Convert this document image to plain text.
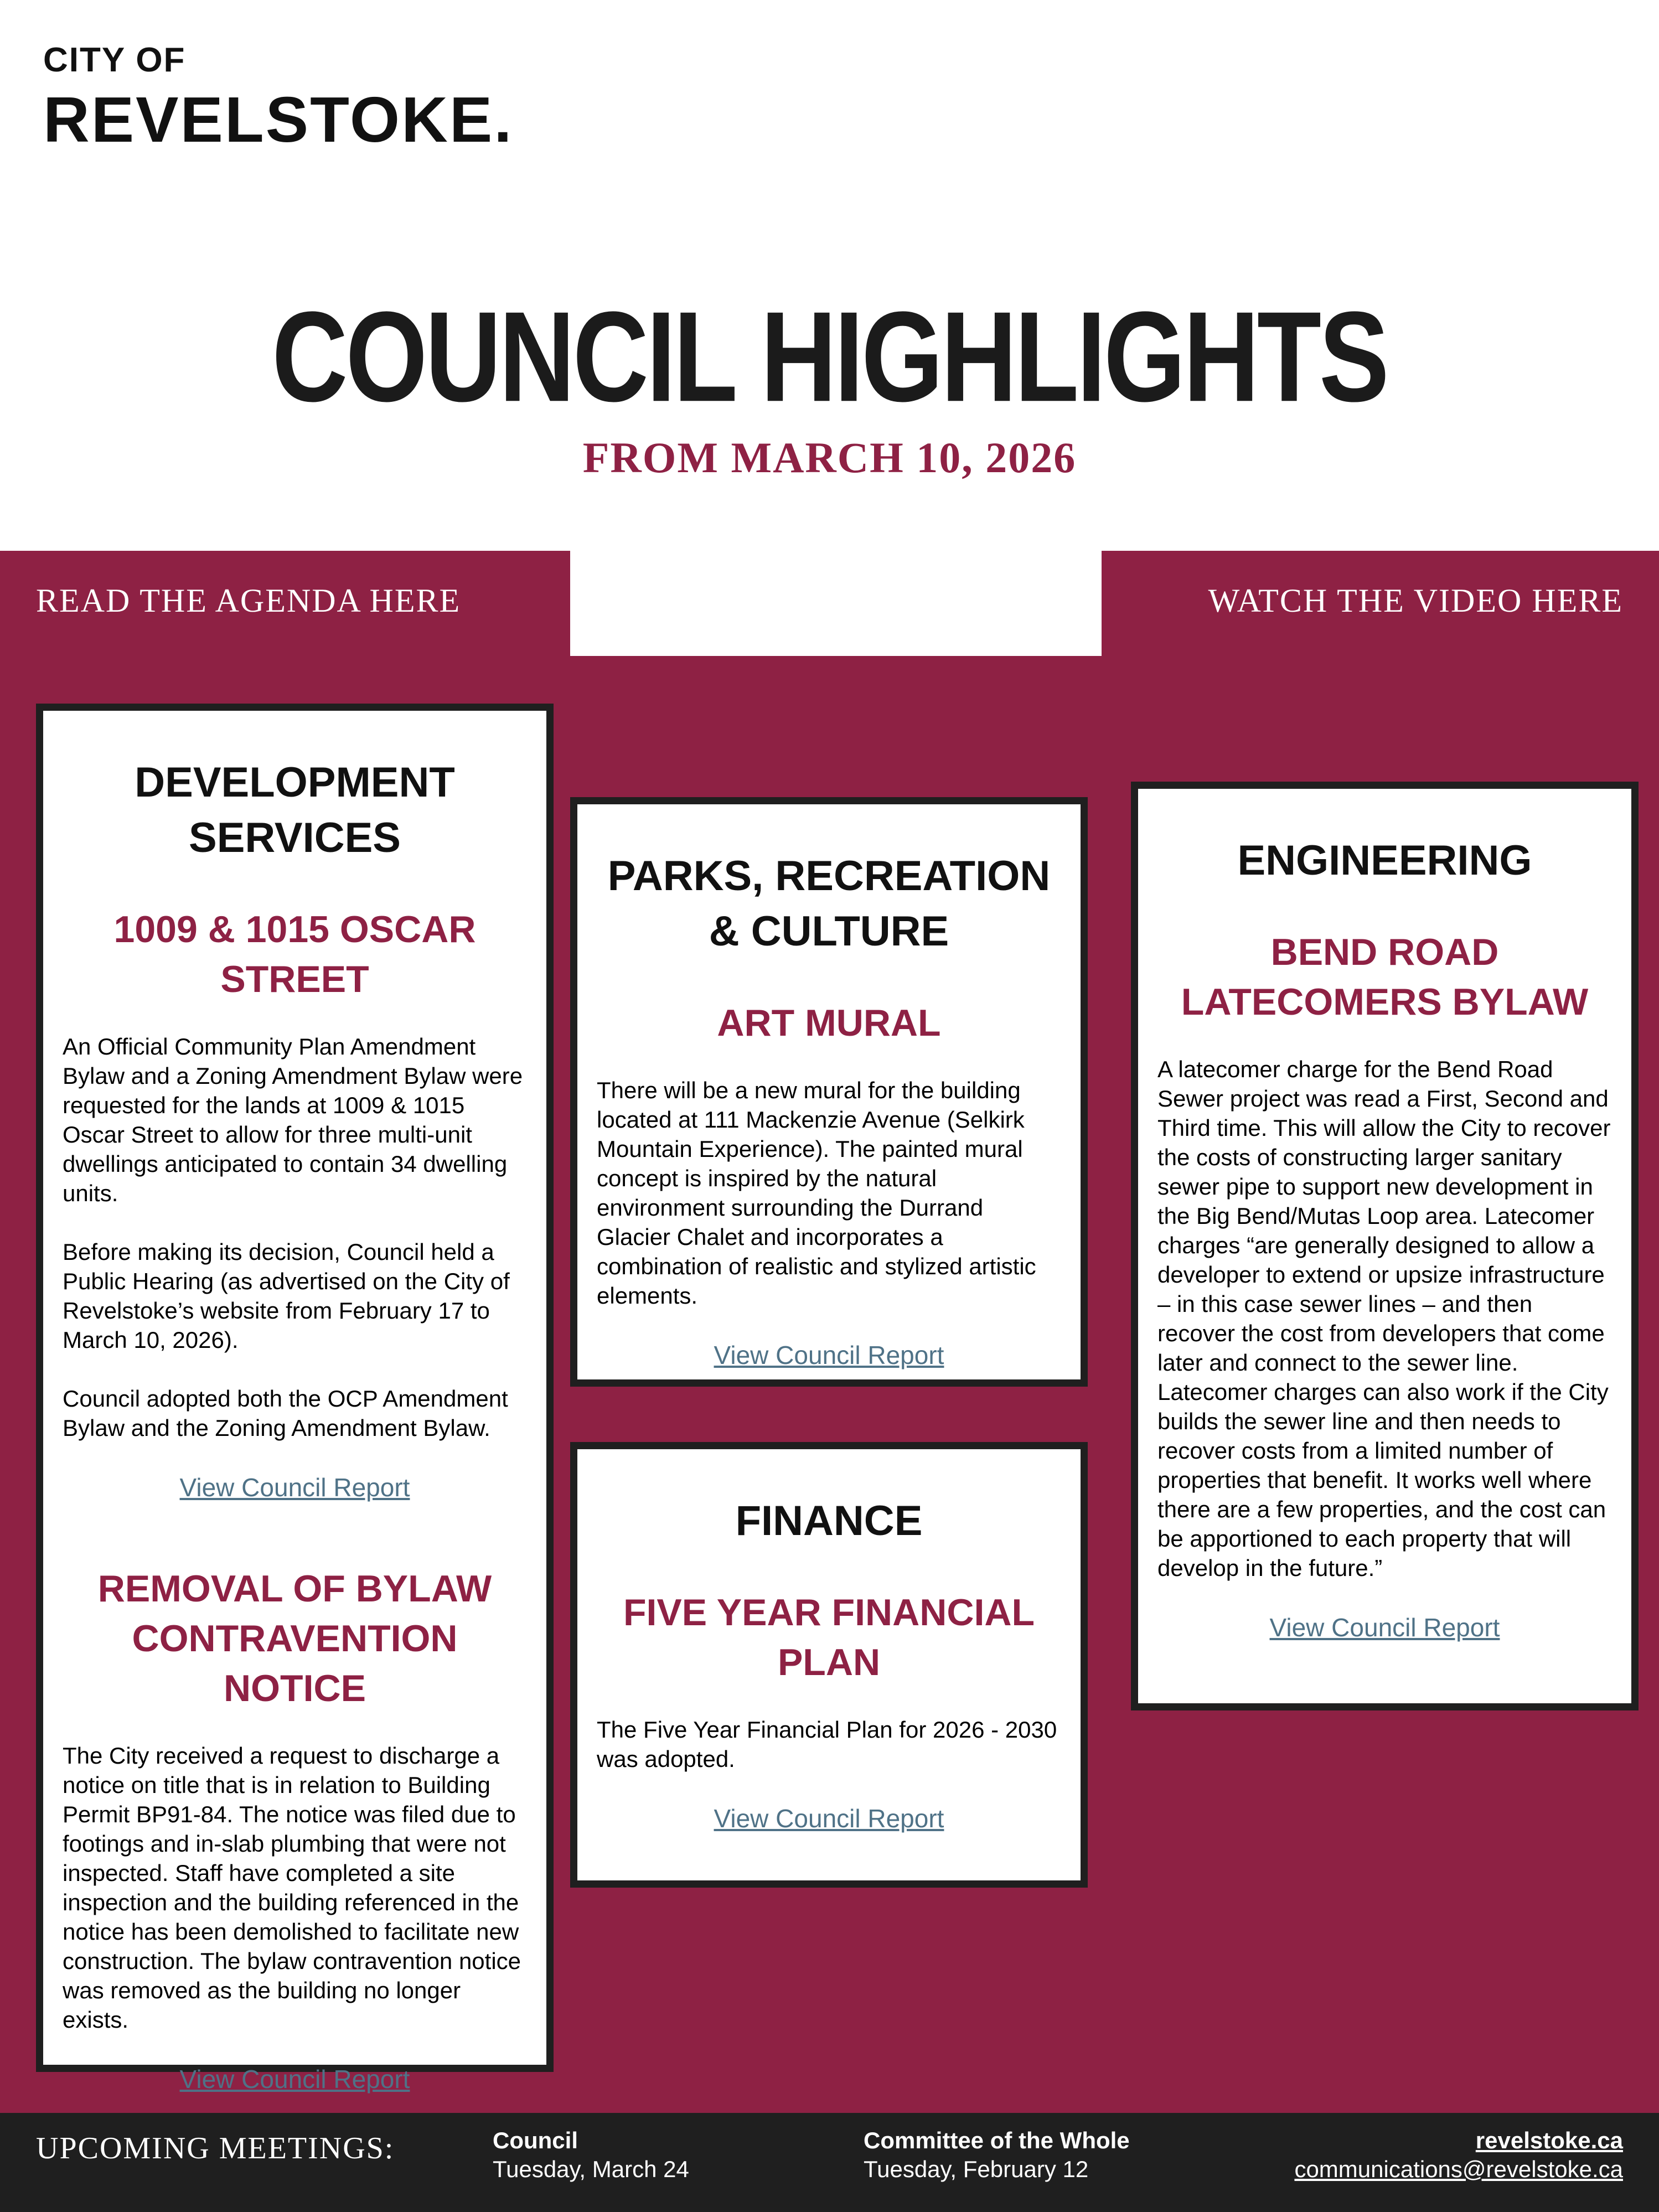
CITY OF
REVELSTOKE.
COUNCIL HIGHLIGHTS
FROM MARCH 10, 2026
READ THE AGENDA HERE	WATCH THE VIDEO HERE
DEVELOPMENT SERVICES
1009 & 1015 OSCAR STREET

An Official Community Plan Amendment Bylaw and a Zoning Amendment Bylaw were requested for the lands at 1009 & 1015 Oscar Street to allow for three multi-unit dwellings anticipated to contain 34 dwelling units.

Before making its decision, Council held a Public Hearing (as advertised on the City of Revelstoke’s website from February 17 to March 10, 2026).

Council adopted both the OCP Amendment Bylaw and the Zoning Amendment Bylaw.

View Council Report
REMOVAL OF BYLAW CONTRAVENTION NOTICE

The City received a request to discharge a notice on title that is in relation to Building Permit BP91-84. The notice was filed due to footings and in-slab plumbing that were not inspected. Staff have completed a site inspection and the building referenced in the notice has been demolished to facilitate new construction. The bylaw contravention notice was removed as the building no longer exists.

View Council Report
PARKS, RECREATION & CULTURE
ART MURAL

There will be a new mural for the building located at 111 Mackenzie Avenue (Selkirk Mountain Experience). The painted mural concept is inspired by the natural environment surrounding the Durrand Glacier Chalet and incorporates a combination of realistic and stylized artistic elements.

View Council Report
FINANCE
FIVE YEAR FINANCIAL PLAN

The Five Year Financial Plan for 2026 - 2030 was adopted.

View Council Report
ENGINEERING
BEND ROAD LATECOMERS BYLAW

A latecomer charge for the Bend Road Sewer project was read a First, Second and Third time. This will allow the City to recover the costs of constructing larger sanitary sewer pipe to support new development in the Big Bend/Mutas Loop area. Latecomer charges “are generally designed to allow a developer to extend or upsize infrastructure – in this case sewer lines – and then recover the cost from developers that come later and connect to the sewer line. Latecomer charges can also work if the City builds the sewer line and then needs to recover costs from a limited number of properties that benefit. It works well where there are a few properties, and the cost can be apportioned to each property that will develop in the future.”

View Council Report
UPCOMING MEETINGS:	Council
Tuesday, March 24
Committee of the Whole
Tuesday, February 12
revelstoke.ca
communications@revelstoke.ca
